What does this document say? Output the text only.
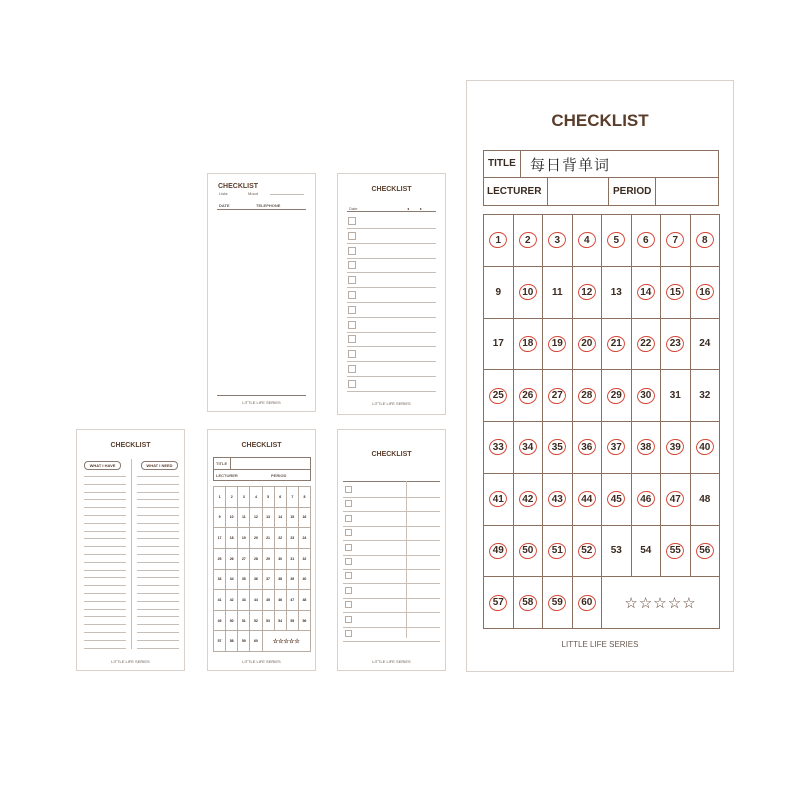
CHECKLIST
Lista	Mood
DATE	TELEPHONE
LITTLE LIFE SERIES
CHECKLIST
Date	◂	▸
LITTLE LIFE SERIES
CHECKLIST
WHAT I HAVE	WHAT I NEED
LITTLE LIFE SERIES
CHECKLIST
TITLE
LECTURER	PERIOD
1	2	3	4	5	6	7	8
9	10	11	12	13	14	15	16
17	18	19	20	21	22	23	24
25	26	27	28	29	30	31	32
33	34	35	36	37	38	39	40
41	42	43	44	45	46	47	48
49	50	51	52	53	54	55	56
57	58	59	60	☆☆☆☆☆
LITTLE LIFE SERIES
CHECKLIST
LITTLE LIFE SERIES
CHECKLIST
TITLE 每日背单词
LECTURER	PERIOD
1 2 3 4 5 6 7 8
9 10 11 12 13 14 15 16
17 18 19 20 21 22 23 24
25 26 27 28 29 30 31 32
33 34 35 36 37 38 39 40
41 42 43 44 45 46 47 48
49 50 51 52 53 54 55 56
57 58 59 60 ☆ ☆ ☆ ☆ ☆
LITTLE LIFE SERIES
